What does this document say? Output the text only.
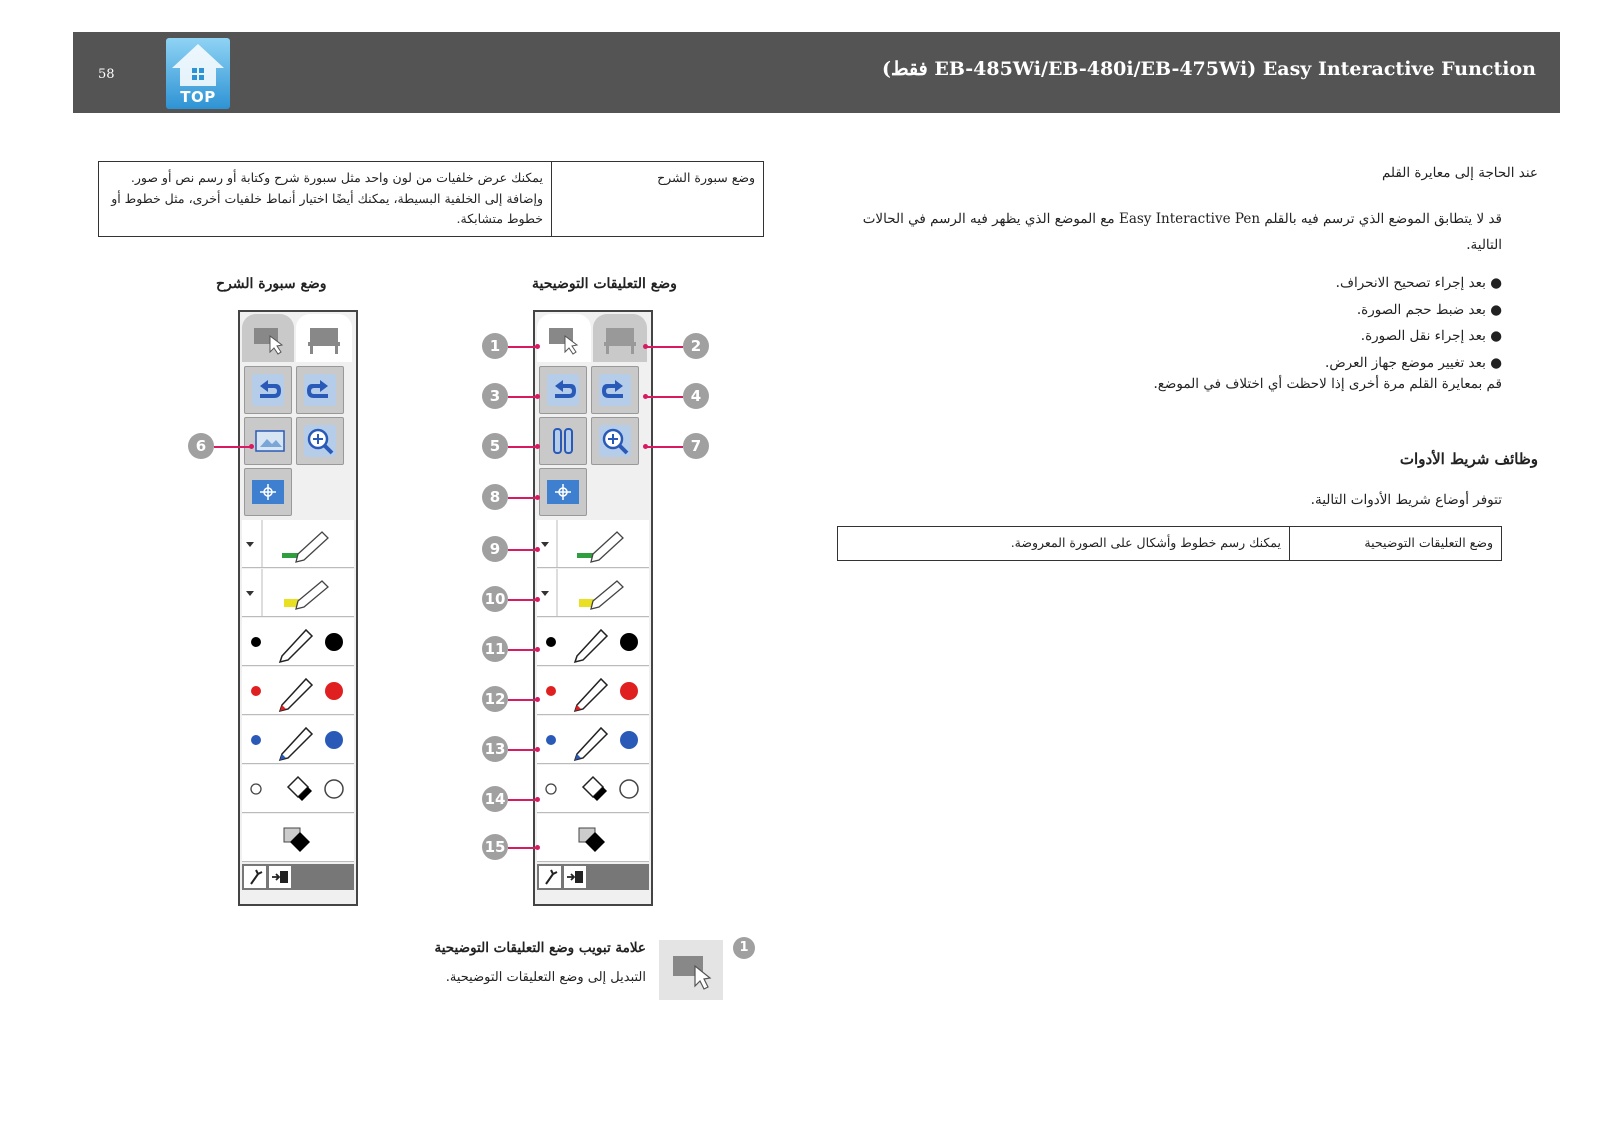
58
TOP
(فقط EB-485Wi/EB-480i/EB-475Wi) Easy Interactive Function
عند الحاجة إلى معايرة القلم
قد لا يتطابق الموضع الذي ترسم فيه بالقلم Easy Interactive Pen مع الموضع الذي يظهر فيه الرسم في الحالات التالية.
● بعد إجراء تصحيح الانحراف.
● بعد ضبط حجم الصورة.
● بعد إجراء نقل الصورة.
● بعد تغيير موضع جهاز العرض.
قم بمعايرة القلم مرة أخرى إذا لاحظت أي اختلاف في الموضع.
وظائف شريط الأدوات
تتوفر أوضاع شريط الأدوات التالية.
وضع التعليقات التوضيحية	يمكنك رسم خطوط وأشكال على الصورة المعروضة.
وضع سبورة الشرح	يمكنك عرض خلفيات من لون واحد مثل سبورة شرح وكتابة أو رسم نص أو صور. وإضافة إلى الخلفية البسيطة، يمكنك أيضًا اختيار أنماط خلفيات أخرى، مثل خطوط أو خطوط متشابكة.
وضع التعليقات التوضيحية
وضع سبورة الشرح
1
3
5
8
9
10
11
12
13
14
15
2
4
7
6
1
علامة تبويب وضع التعليقات التوضيحية
التبديل إلى وضع التعليقات التوضيحية.
